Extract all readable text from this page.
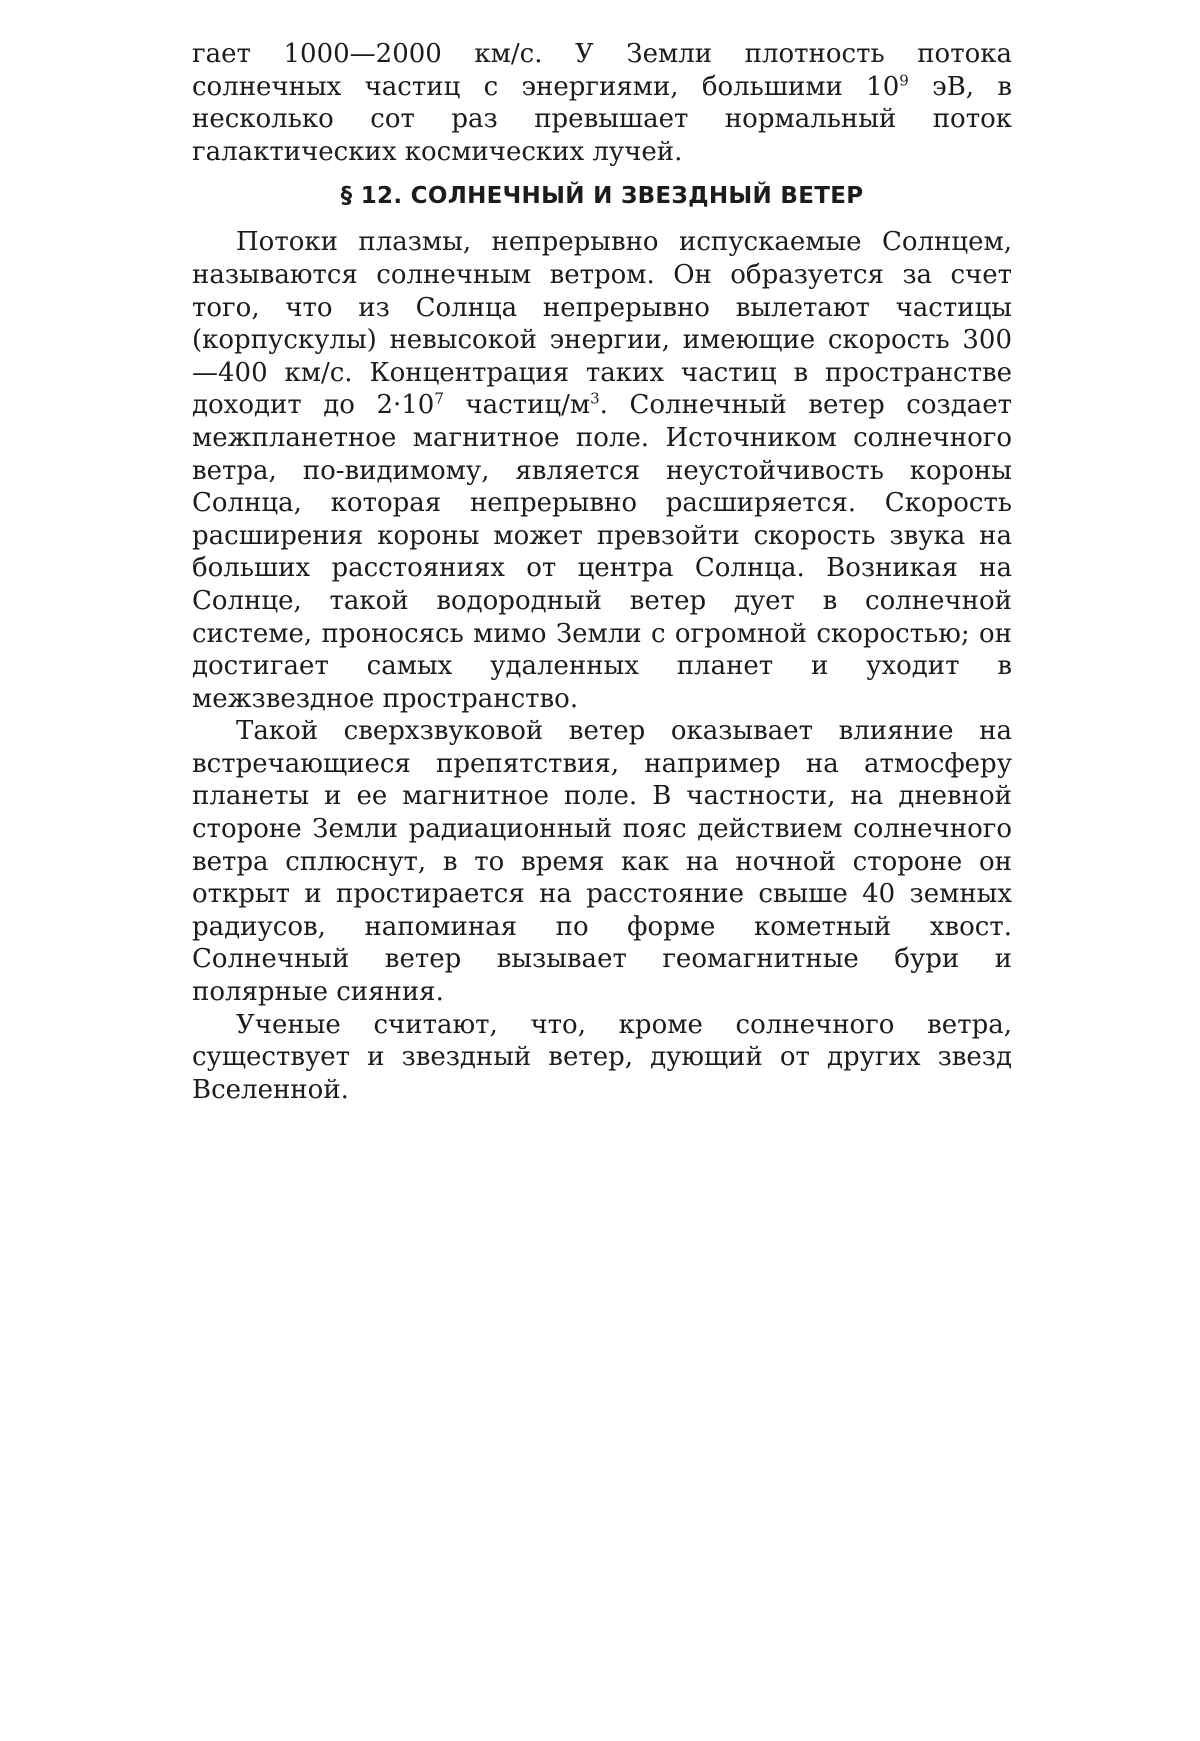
гает 1000—2000 км/с. У Земли плотность потока солнечных частиц с энергиями, большими $10^9$ эВ, в несколько сот раз превышает нормальный поток галактических космических лучей.

§ 12. СОЛНЕЧНЫЙ И ЗВЕЗДНЫЙ ВЕТЕР

Потоки плазмы, непрерывно испускаемые Солнцем, называются солнечным ветром. Он образуется за счет того, что из Солнца непрерывно вылетают частицы (корпускулы) невысокой энергии, имеющие скорость 300—400 км/с. Концентрация таких частиц в пространстве доходит до $2\cdot 10^7$ частиц/$м^3$. Солнечный ветер создает межпланетное магнитное поле. Источником солнечного ветра, по-видимому, является неустойчивость короны Солнца, которая непрерывно расширяется. Скорость расширения короны может превзойти скорость звука на больших расстояниях от центра Солнца. Возникая на Солнце, такой водородный ветер дует в солнечной системе, проносясь мимо Земли с огромной скоростью; он достигает самых удаленных планет и уходит в межзвездное пространство.

Такой сверхзвуковой ветер оказывает влияние на встречающиеся препятствия, например на атмосферу планеты и ее магнитное поле. В частности, на дневной стороне Земли радиационный пояс действием солнечного ветра сплюснут, в то время как на ночной стороне он открыт и простирается на расстояние свыше 40 земных радиусов, напоминая по форме кометный хвост. Солнечный ветер вызывает геомагнитные бури и полярные сияния.

Ученые считают, что, кроме солнечного ветра, существует и звездный ветер, дующий от других звезд Вселенной.
